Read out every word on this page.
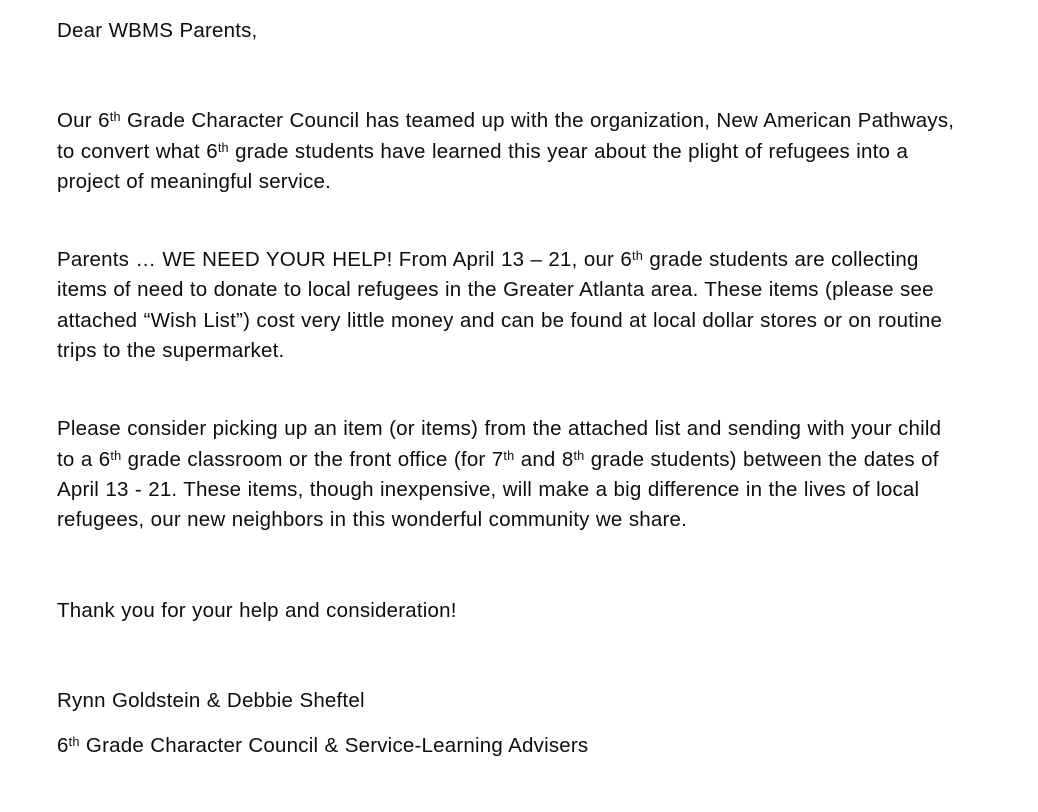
Dear WBMS Parents,

Our 6th Grade Character Council has teamed up with the organization, New American Pathways, to convert what 6th grade students have learned this year about the plight of refugees into a project of meaningful service.

Parents … WE NEED YOUR HELP! From April 13 – 21, our 6th grade students are collecting items of need to donate to local refugees in the Greater Atlanta area. These items (please see attached “Wish List”) cost very little money and can be found at local dollar stores or on routine trips to the supermarket.

Please consider picking up an item (or items) from the attached list and sending with your child to a 6th grade classroom or the front office (for 7th and 8th grade students) between the dates of April 13 - 21. These items, though inexpensive, will make a big difference in the lives of local refugees, our new neighbors in this wonderful community we share.

Thank you for your help and consideration!

Rynn Goldstein & Debbie Sheftel

6th Grade Character Council & Service-Learning Advisers
